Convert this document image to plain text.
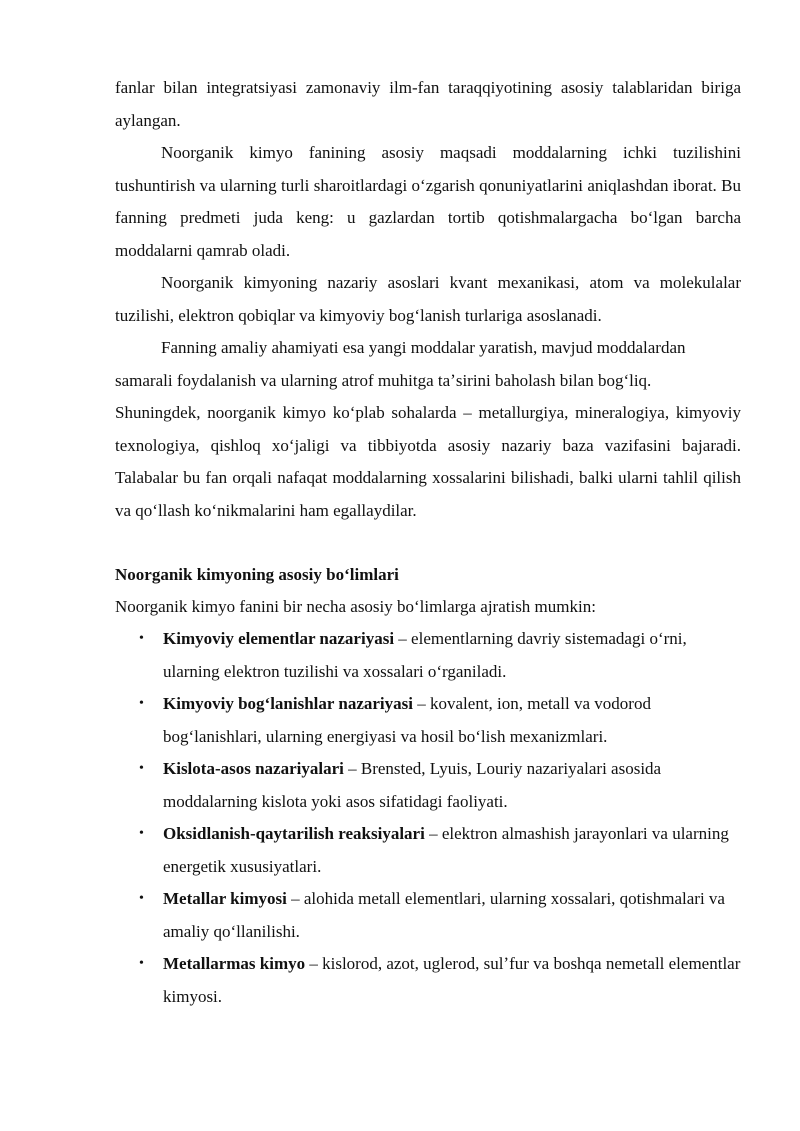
fanlar bilan integratsiyasi zamonaviy ilm-fan taraqqiyotining asosiy talablaridan biriga aylangan.

Noorganik kimyo fanining asosiy maqsadi moddalarning ichki tuzilishini tushuntirish va ularning turli sharoitlardagi oʻzgarish qonuniyatlarini aniqlashdan iborat. Bu fanning predmeti juda keng: u gazlardan tortib qotishmalargacha boʻlgan barcha moddalarni qamrab oladi.

Noorganik kimyoning nazariy asoslari kvant mexanikasi, atom va molekulalar tuzilishi, elektron qobiqlar va kimyoviy bogʻlanish turlariga asoslanadi.

Fanning amaliy ahamiyati esa yangi moddalar yaratish, mavjud moddalardan samarali foydalanish va ularning atrof muhitga taʼsirini baholash bilan bogʻliq.

Shuningdek, noorganik kimyo koʻplab sohalarda – metallurgiya, mineralogiya, kimyoviy texnologiya, qishloq xoʻjaligi va tibbiyotda asosiy nazariy baza vazifasini bajaradi. Talabalar bu fan orqali nafaqat moddalarning xossalarini bilishadi, balki ularni tahlil qilish va qoʻllash koʻnikmalarini ham egallaydilar.

Noorganik kimyoning asosiy boʻlimlari

Noorganik kimyo fanini bir necha asosiy boʻlimlarga ajratish mumkin:

• Kimyoviy elementlar nazariyasi – elementlarning davriy sistemadagi oʻrni, ularning elektron tuzilishi va xossalari oʻrganiladi.
• Kimyoviy bogʻlanishlar nazariyasi – kovalent, ion, metall va vodorod bogʻlanishlari, ularning energiyasi va hosil boʻlish mexanizmlari.
• Kislota-asos nazariyalari – Brensted, Lyuis, Louriy nazariyalari asosida moddalarning kislota yoki asos sifatidagi faoliyati.
• Oksidlanish-qaytarilish reaksiyalari – elektron almashish jarayonlari va ularning energetik xususiyatlari.
• Metallar kimyosi – alohida metall elementlari, ularning xossalari, qotishmalari va amaliy qoʻllanilishi.
• Metallarmas kimyo – kislorod, azot, uglerod, sulʼfur va boshqa nemetall elementlar kimyosi.
